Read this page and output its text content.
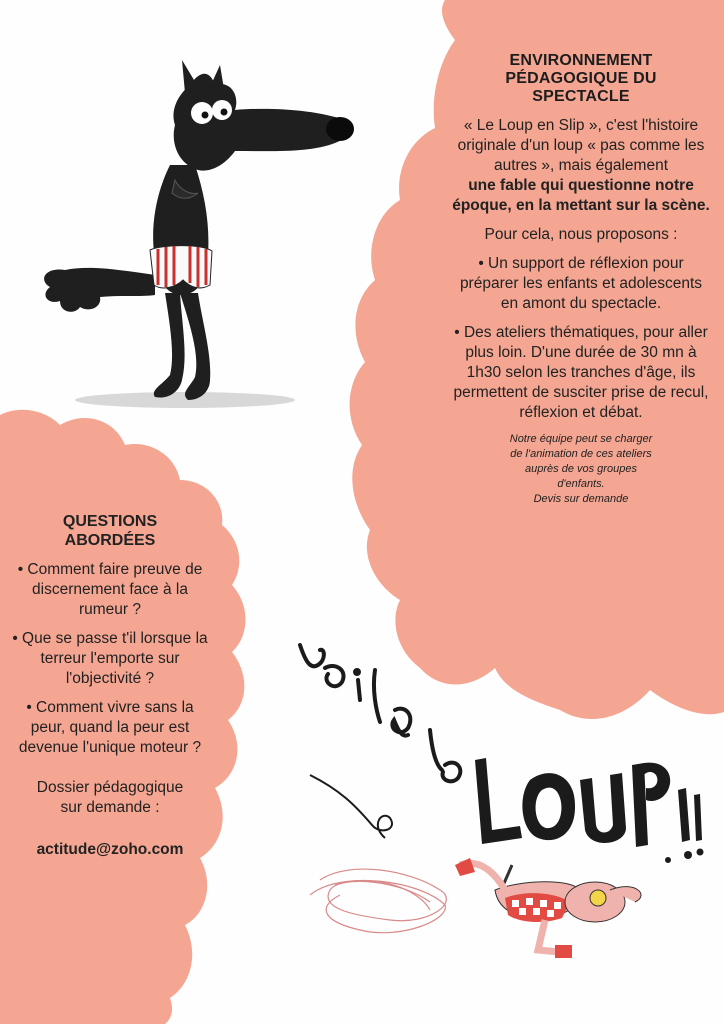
ENVIRONNEMENT
PÉDAGOGIQUE DU
SPECTACLE

« Le Loup en Slip », c'est l'histoire originale d'un loup « pas comme les autres », mais également
une fable qui questionne notre époque, en la mettant sur la scène.

Pour cela, nous proposons :

• Un support de réflexion pour préparer les enfants et adolescents en amont du spectacle.

• Des ateliers thématiques, pour aller plus loin. D'une durée de 30 mn à 1h30 selon les tranches d'âge, ils permettent de susciter prise de recul, réflexion et débat.

Notre équipe peut se charger
de l'animation de ces ateliers
auprès de vos groupes
d'enfants.
Devis sur demande
QUESTIONS
ABORDÉES

• Comment faire preuve de discernement face à la rumeur ?

• Que se passe t'il lorsque la terreur l'emporte sur l'objectivité ?

• Comment vivre sans la peur, quand la peur est devenue l'unique moteur ?

Dossier pédagogique
sur demande :

actitude@zoho.com
